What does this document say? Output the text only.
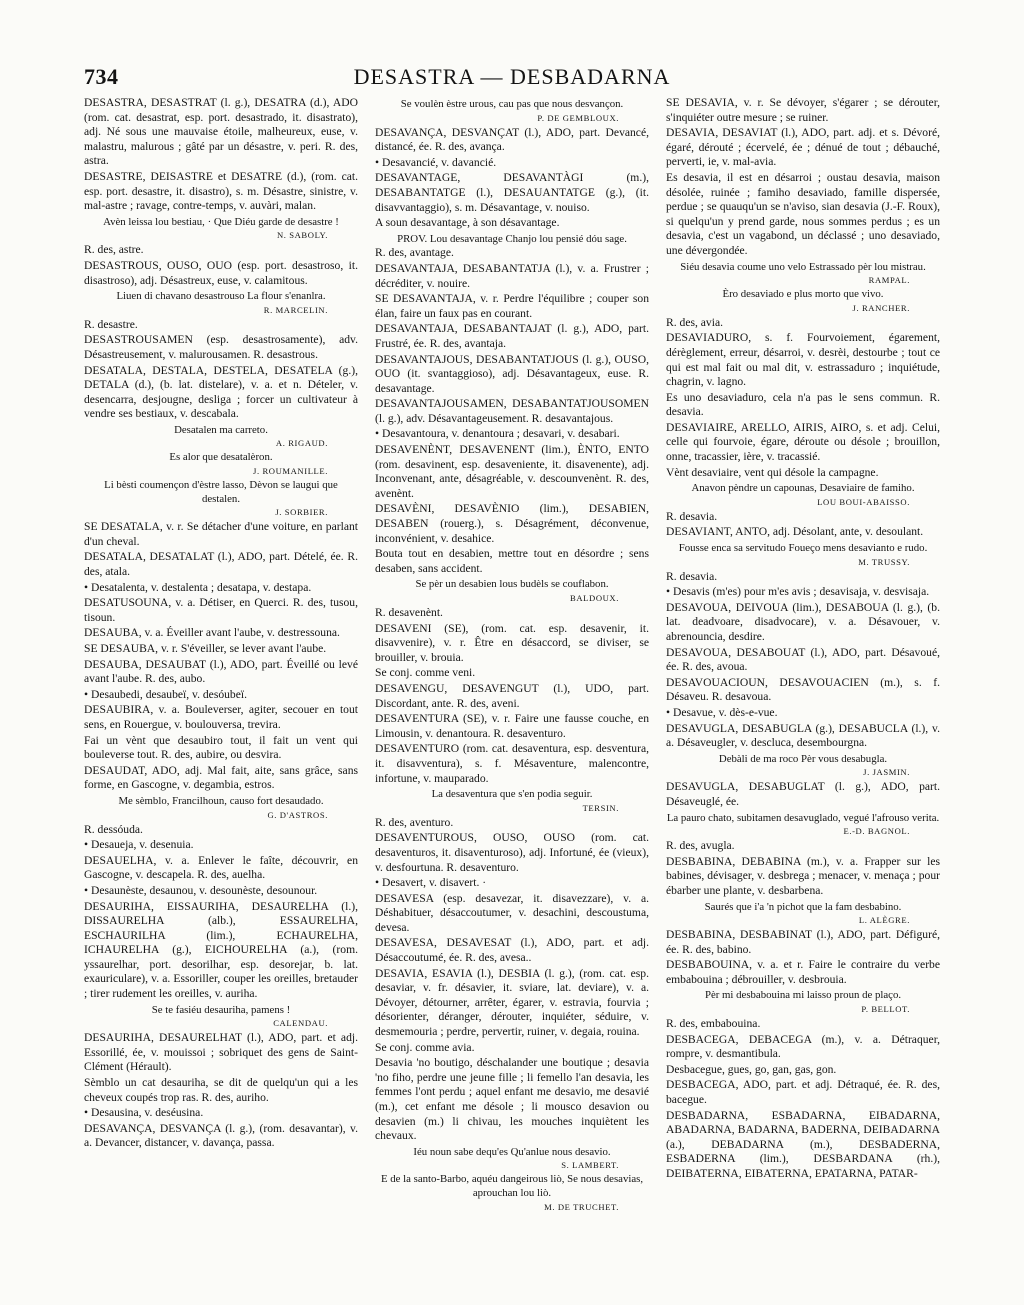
734	DESASTRA — DESBADARNA

DESASTRA, DESASTRAT (l. g.), DESATRA (d.), ADO (rom. cat. desastrat, esp. port. desastrado, it. disastrato), adj. Né sous une mauvaise étoile, malheureux, euse, v. malastru, malurous ; gâté par un désastre, v. peri. R. des, astra.

DESASTRE, DEISASTRE et DESATRE (d.), (rom. cat. esp. port. desastre, it. disastro), s. m. Désastre, sinistre, v. mal-astre ; ravage, contre-temps, v. auvàri, malan.

Avèn leissa lou bestiau, · Que Diéu garde de desastre !

N. SABOLY.

R. des, astre.

DESASTROUS, OUSO, OUO (esp. port. desastroso, it. disastroso), adj. Désastreux, euse, v. calamitous.

Liuen di chavano desastrouso La flour s'enanlra.

R. MARCELIN.

R. desastre.

DESASTROUSAMEN (esp. desastrosamente), adv. Désastreusement, v. malurousamen. R. desastrous.

DESATALA, DESTALA, DESTELA, DESATELA (g.), DETALA (d.), (b. lat. distelare), v. a. et n. Dételer, v. desencarra, desjougne, desliga ; forcer un cultivateur à vendre ses bestiaux, v. descabala.

Desatalen ma carreto.

A. RIGAUD.

Es alor que desatalèron.

J. ROUMANILLE.

Li bèsti coumençon d'èstre lasso, Dèvon se laugui que destalen.

J. SORBIER.

SE DESATALA, v. r. Se détacher d'une voiture, en parlant d'un cheval.

DESATALA, DESATALAT (l.), ADO, part. Dételé, ée. R. des, atala.

• Desatalenta, v. destalenta ; desatapa, v. destapa.

DESATUSOUNA, v. a. Détiser, en Querci. R. des, tusou, tisoun.

DESAUBA, v. a. Éveiller avant l'aube, v. destressouna.

SE DESAUBA, v. r. S'éveiller, se lever avant l'aube.

DESAUBA, DESAUBAT (l.), ADO, part. Éveillé ou levé avant l'aube. R. des, aubo.

• Desaubedi, desaubeï, v. desóubeï.

DESAUBIRA, v. a. Bouleverser, agiter, secouer en tout sens, en Rouergue, v. boulouversa, trevira.

Fai un vènt que desaubiro tout, il fait un vent qui bouleverse tout. R. des, aubire, ou desvira.

DESAUDAT, ADO, adj. Mal fait, aite, sans grâce, sans forme, en Gascogne, v. degambia, estros.

Me sèmblo, Francilhoun, causo fort desaudado.

G. D'ASTROS.

R. dessóuda.

• Desaueja, v. desenuia.

DESAUELHA, v. a. Enlever le faîte, découvrir, en Gascogne, v. descapela. R. des, auelha.

• Desaunèste, desaunou, v. desounèste, desounour.

DESAURIHA, EISSAURIHA, DESAURELHA (l.), DISSAURELHA (alb.), ESSAURELHA, ESCHAURILHA (lim.), ECHAURELHA, ICHAURELHA (g.), EICHOURELHA (a.), (rom. yssaurelhar, port. desorilhar, esp. desorejar, b. lat. exauriculare), v. a. Essoriller, couper les oreilles, bretauder ; tirer rudement les oreilles, v. auriha.

Se te fasiéu desauriha, pamens !

CALENDAU.

DESAURIHA, DESAURELHAT (l.), ADO, part. et adj. Essorillé, ée, v. mouissoi ; sobriquet des gens de Saint-Clément (Hérault).

Sèmblo un cat desauriha, se dit de quelqu'un qui a les cheveux coupés trop ras. R. des, auriho.

• Desausina, v. deséusina.

DESAVANÇA, DESVANÇA (l. g.), (rom. desavantar), v. a. Devancer, distancer, v. davança, passa.

Se voulèn èstre urous, cau pas que nous desvançon.

P. DE GEMBLOUX.

DESAVANÇA, DESVANÇAT (l.), ADO, part. Devancé, distancé, ée. R. des, avança.

• Desavancié, v. davancié.

DESAVANTAGE, DESAVANTÀGI (m.), DESABANTATGE (l.), DESAUANTATGE (g.), (it. disavvantaggio), s. m. Désavantage, v. nouiso.

A soun desavantage, à son désavantage.

PROV. Lou desavantage Chanjo lou pensié dóu sage.

R. des, avantage.

DESAVANTAJA, DESABANTATJA (l.), v. a. Frustrer ; décréditer, v. nouire.

SE DESAVANTAJA, v. r. Perdre l'équilibre ; couper son élan, faire un faux pas en courant.

DESAVANTAJA, DESABANTAJAT (l. g.), ADO, part. Frustré, ée. R. des, avantaja.

DESAVANTAJOUS, DESABANTATJOUS (l. g.), OUSO, OUO (it. svantaggioso), adj. Désavantageux, euse. R. desavantage.

DESAVANTAJOUSAMEN, DESABANTATJOUSOMEN (l. g.), adv. Désavantageusement. R. desavantajous.

• Desavantoura, v. denantoura ; desavari, v. desabari.

DESAVENÈNT, DESAVENENT (lim.), ÈNTO, ENTO (rom. desavinent, esp. desaveniente, it. disavenente), adj. Inconvenant, ante, désagréable, v. descounvenènt. R. des, avenènt.

DESAVÈNI, DESAVÈNIO (lim.), DESABIEN, DESABEN (rouerg.), s. Désagrément, déconvenue, inconvénient, v. desahice.

Bouta tout en desabien, mettre tout en désordre ; sens desaben, sans accident.

Se pèr un desabien lous budèls se couflabon.

BALDOUX.

R. desavenènt.

DESAVENI (SE), (rom. cat. esp. desavenir, it. disavvenire), v. r. Être en désaccord, se diviser, se brouiller, v. brouia.

Se conj. comme veni.

DESAVENGU, DESAVENGUT (l.), UDO, part. Discordant, ante. R. des, aveni.

DESAVENTURA (SE), v. r. Faire une fausse couche, en Limousin, v. denantoura. R. desaventuro.

DESAVENTURO (rom. cat. desaventura, esp. desventura, it. disavventura), s. f. Mésaventure, malencontre, infortune, v. mauparado.

La desaventura que s'en podia seguir.

TERSIN.

R. des, aventuro.

DESAVENTUROUS, OUSO, OUSO (rom. cat. desaventuros, it. disaventuroso), adj. Infortuné, ée (vieux), v. desfourtuna. R. desaventuro.

• Desavert, v. disavert. ·

DESAVESA (esp. desavezar, it. disavezzare), v. a. Déshabituer, désaccoutumer, v. desachini, descoustuma, devesa.

DESAVESA, DESAVESAT (l.), ADO, part. et adj. Désaccoutumé, ée. R. des, avesa..

DESAVIA, ESAVIA (l.), DESBIA (l. g.), (rom. cat. esp. desaviar, v. fr. désavier, it. sviare, lat. deviare), v. a. Dévoyer, détourner, arrêter, égarer, v. estravia, fourvia ; désorienter, déranger, dérouter, inquiéter, séduire, v. desmemouria ; perdre, pervertir, ruiner, v. degaia, rouina.

Se conj. comme avia.

Desavia 'no boutigo, déschalander une boutique ; desavia 'no fiho, perdre une jeune fille ; li femello l'an desavia, les femmes l'ont perdu ; aquel enfant me desavio, me desavié (m.), cet enfant me désole ; li mousco desavion ou desavien (m.) li chivau, les mouches inquiètent les chevaux.

Iéu noun sabe dequ'es Qu'anlue nous desavio.

S. LAMBERT.

E de la santo-Barbo, aquéu dangeirous liò, Se nous desavias, aprouchan lou liò.

M. DE TRUCHET.

SE DESAVIA, v. r. Se dévoyer, s'égarer ; se dérouter, s'inquiéter outre mesure ; se ruiner.

DESAVIA, DESAVIAT (l.), ADO, part. adj. et s. Dévoré, égaré, dérouté ; écervelé, ée ; dénué de tout ; débauché, perverti, ie, v. mal-avia.

Es desavia, il est en désarroi ; oustau desavia, maison désolée, ruinée ; famiho desaviado, famille dispersée, perdue ; se quauqu'un se n'aviso, sian desavia (J.-F. Roux), si quelqu'un y prend garde, nous sommes perdus ; es un desavia, c'est un vagabond, un déclassé ; uno desaviado, une dévergondée.

Siéu desavia coume uno velo Estrassado pèr lou mistrau.

RAMPAL.

Èro desaviado e plus morto que vivo.

J. RANCHER.

R. des, avia.

DESAVIADURO, s. f. Fourvoiement, égarement, dérèglement, erreur, désarroi, v. desrèi, destourbe ; tout ce qui est mal fait ou mal dit, v. estrassaduro ; inquiétude, chagrin, v. lagno.

Es uno desaviaduro, cela n'a pas le sens commun. R. desavia.

DESAVIAIRE, ARELLO, AIRIS, AIRO, s. et adj. Celui, celle qui fourvoie, égare, déroute ou désole ; brouillon, onne, tracassier, ière, v. tracassié.

Vènt desaviaire, vent qui désole la campagne.

Anavon pèndre un capounas, Desaviaire de famiho.

LOU BOUI-ABAISSO.

R. desavia.

DESAVIANT, ANTO, adj. Désolant, ante, v. desoulant.

Fousse enca sa servitudo Foueço mens desavianto e rudo.

M. TRUSSY.

R. desavia.

• Desavis (m'es) pour m'es avis ; desavisaja, v. desvisaja.

DESAVOUA, DEIVOUA (lim.), DESABOUA (l. g.), (b. lat. deadvoare, disadvocare), v. a. Désavouer, v. abrenouncia, desdire.

DESAVOUA, DESABOUAT (l.), ADO, part. Désavoué, ée. R. des, avoua.

DESAVOUACIOUN, DESAVOUACIEN (m.), s. f. Désaveu. R. desavoua.

• Desavue, v. dès-e-vue.

DESAVUGLA, DESABUGLA (g.), DESABUCLA (l.), v. a. Désaveugler, v. descluca, desembourgna.

Debàli de ma roco Pèr vous desabugla.

J. JASMIN.

DESAVUGLA, DESABUGLAT (l. g.), ADO, part. Désaveuglé, ée.

La pauro chato, subitamen desavuglado, vegué l'afrouso verita.

E.-D. BAGNOL.

R. des, avugla.

DESBABINA, DEBABINA (m.), v. a. Frapper sur les babines, dévisager, v. desbrega ; menacer, v. menaça ; pour ébarber une plante, v. desbarbena.

Saurés que i'a 'n pichot que la fam desbabino.

L. ALÈGRE.

DESBABINA, DESBABINAT (l.), ADO, part. Défiguré, ée. R. des, babino.

DESBABOUINA, v. a. et r. Faire le contraire du verbe embabouina ; débrouiller, v. desbrouia.

Pèr mi desbabouina mi laisso proun de plaço.

P. BELLOT.

R. des, embabouina.

DESBACEGA, DEBACEGA (m.), v. a. Détraquer, rompre, v. desmantibula.

Desbacegue, gues, go, gan, gas, gon.

DESBACEGA, ADO, part. et adj. Détraqué, ée. R. des, bacegue.

DESBADARNA, ESBADARNA, EIBADARNA, ABADARNA, BADARNA, BADERNA, DEIBADARNA (a.), DEBADARNA (m.), DESBADERNA, ESBADERNA (lim.), DESBARDANA (rh.), DEIBATERNA, EIBATERNA, EPATARNA, PATAR-
